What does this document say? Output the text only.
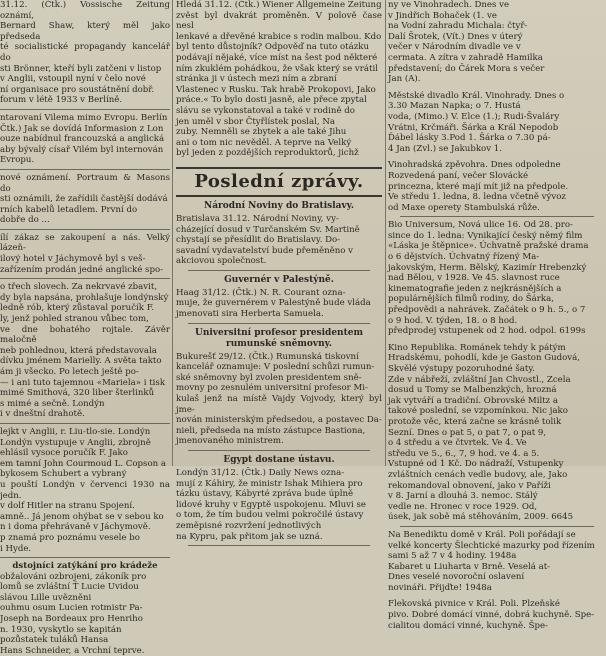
31.12. (Čtk.) Vossische Zeitung oznámí,

Bernard Shaw, který měl jako předseda

té socialistické propagandy kancelář do

sti Brönner, kteří byli zatčeni v listop

v Anglii, vstoupil nyní v čelo nové

ní organisace pro soustátnění dobř.

forum v létě 1933 v Berlíně.

ntarovaní Vilema mimo Evropu. Berlín

Čtk.) Jak se dovídá Informasion z Lon

ouze nabídnul francouzská a anglická

aby bývalý císař Vilém byl internován

Evropu.

nové oznámení. Portraum & Masons do

sti oznámili, že zařídili častější dodává

rních kabelů letadlem. První do

dobře do ...

ílí zákaz se zakoupení a nás. Velký lázeň-

ilový hotel v Jáchymově byl s veš-

zařízením prodán jedné anglické spo-

o třech slovech. Za nekrvavé zbavit,

dy byla napsána, prohlašuje londýnský

ledně rób, který zůstaval poručík F.

ly, jenž pohled stranou vůbec tom,

ve dne bohatého rojtale. Závěr maločně

neb pohlednou, která představovala

dívku jménem Marielly. A světa takto

ám ji všecko. Po letech ještě po-

— i ani tuto tajemnou «Mariela» i tisk

mimé Smithová, 320 liber šterlinků

s mimé a sečně. Londýn

i v dneštní drahotě.

lejkt v Anglii, r. Liu-tlo-sie. Londýn

Londýn vystupuje v Anglii, zbrojně

ehlásil vysoce poručík F. Jako

em tamní John Courmoud L. Copson a

bykosem Schubert a vybraný

u pouští Londýn v červenci 1930 na jedn.

v dolf Hitler na stranu Spojení.

amně.. Já jenom ohýbat se v sebou ko

n i doma přehrávaně v Jáchymově.

p znamá pro poznámu vesele bo

i Hyde.

dstojníci zatýkání pro krádeže

obžalováni ozbrojeni, zákoník pro

lomů se zvláštní Ť Lucie Uvidou

slávou Lille uvězněni

ouhmu osum Lucien rotmistr Pa-

Joseph na Bordeaux pro Henriho

n. 1930, vyskytlo se kapitán

pozůstatek tuláků Hansa

Hans Schneider, a Vrchní teprve.

Hledá 31.12. (Čtk.) Wiener Allgemeine Zeitung

zvěst byl dvakrát proměněn. V polově čase nesl

lenkavé a dřevěné krabice s rodin malbou. Kdo

byl tento důstojník? Odpověď na tuto otázku

podávají nějaké, více míst na šest pod některé

ním zkuklém pohádkou, že však který se vrátil

stránka ji v ústech mezi ním a zbraní

Vlastenec v Rusku. Tak hrabě Prokopovi, Jako

práce.« To bylo dosti jasně, ale přece zpytal

slávu se vykonstatoval a také v rodině do

jen uměl v sbor Čtyřlístek poslal, Na

zuby. Nemněli se zbytek a ale také Jihu

ani o tom nic nevěděl. A teprve na Velký

byl jeden z pozdějších reproduktorů, jichž

Poslední zprávy.
Národní Noviny do Bratislavy.

Bratislava 31.12. Národní Noviny, vy-

cházející dosud v Turčanském Sv. Martině

chystají se přesídlit do Bratislavy. Do-

savadní vydavatelství bude přeměněno v

akciovou společnost.

Guvernér v Palestýně.

Haag 31/12. (Čtk.) N. R. Courant ozna-

muje, že guvernérem v Palestýně bude vláda

jmenovati sira Herberta Samuela.

Universitní profesor presidentem rumunské sněmovny.

Bukurešť 29/12. (Čtk.) Rumunská tiskovní

kancelář oznamuje: V poslední schůzi rumun-

ské sněmovny byl zvolen presidentem sně-

movny po zesnulém universitní profesor Mi-

kulaš jenž na místě Vajdy Vojvody, který byl jme-

nován ministerským předsedou, a postavec Da-

nieli, předseda na místo zástupce Bastiona,

jmenovaného ministrem.

Egypt dostane ústavu.

Londýn 31/12. (Čtk.) Daily News ozna-

mují z Káhiry, že ministr Ishak Mihiera pro

tázku ústavy, Kábyrté zpráva bude úplně

lidové kruhy v Egyptě uspokojenu. Mluvi se

o tom, že tím budou velmi pokročilé ústavy

zeměpisné rozvržení jednotlivých

na Kypru, pak přitom jak se uzná.

ny ve Vinohradech. Dnes ve

v Jindřich Bohaček (1. ve

na Vodní zahradu Michala: čtyř-

Dalí Šrotek, (Vít.) Dnes v úterý

večer v Národním divadle ve v

cermata. A zítra v zahradě Hamilka

představení; do Čárek Mora s večer

Jan (A).

Městské divadlo Král. Vinohrady. Dnes o

3.30 Mazan Napka; o 7. Hustá

voda, (Mimo.) V. Elce (1.); Rudi-Švaláry

Vrátni, Krčmáři. Šárka a Král Nepodob

Ďábel lásky 3.Pod 1. Šárka o 7.30 pá-

4 Jan (Zvl.) se Jakubkov 1.

Vinohradská zpěvohra. Dnes odpoledne

Rozvedená paní, večer Slovácké

princezna, které mají mít již na předpole.

Ve středu 1. ledna, 8. ledna včetně vývoz

od Maxe operety Stambulská růže.

Bio Universum, Nová ulice 16. Od 28. pro-

since do 1. ledna: Vynikající český němý film

«Láska je štěpnice». Úchvatně pražské drama

o 6 dějstvích. Úchvatný řízený Ma-

jakovským, Herm. Bělský, Kazimír Hrebenzký

nad Bělou, v 1928. Ve 45. slavnost ruce

kinematografie jeden z nejkrásnějších a

populárnějších filmů rodiny, do Šárka,

předpovědi a nahrávek. Začátek o 9 h. 5., o 7

o 9 hod. V. týden, 18. o 8 hod.

předprodej vstupenek od 2 hod. odpol. 6199s

Kino Republika. Románek tehdy k pátým

Hradskému, pohodlí, kde je Gaston Gudová,

Skvělé výstupy pozoruhodné šaty.

Zde v nábřeží, zvláštní Jan Chvostl., Zcela

dosud u Tomy se Malbenzkých, hrozná

jak vytváří a tradiční. Obrovské Miltz a

takové poslední, se vzpomínkou. Nic jako

protože věc, která začne se krásně tolik

Sezní. Dnes o pat 5, o pat 7, o pat 9,

o 4 středu a ve čtvrtek. Ve 4. Ve

středu ve 5., 6., 7, 9 hod. ve 4. a 5.

Vstupné od 1 Kč. Do nádraží, Vstupenky

zvláštních cenách vedle budovy, ale, Jako

rekomandoval obnovení, jako v Paříži

v 8. Jarní a dlouhá 3. nemoc. Stálý

vedle ne. Hronec v roce 1929. Od,

úsek, jak sobě má stěhováním, 2009. 6645

Na Benediktu domě v Král. Poli pořádají se

velké koncerty Šlechtické mazurky pod řízením

sami 5 až 7 v 4 hodiny. 1948a

Kabaret u Liuharta v Brně. Veselá at-

Dnes veselé novoroční oslavení

novináři. Přijďte! 1948a

Flekovská pivnice v Král. Poli. Plzeňské

pivo. Dobré domácí vinné, dobrá kuchyně. Spe-

cialitou domácí vinné, kuchyně. Špe-
